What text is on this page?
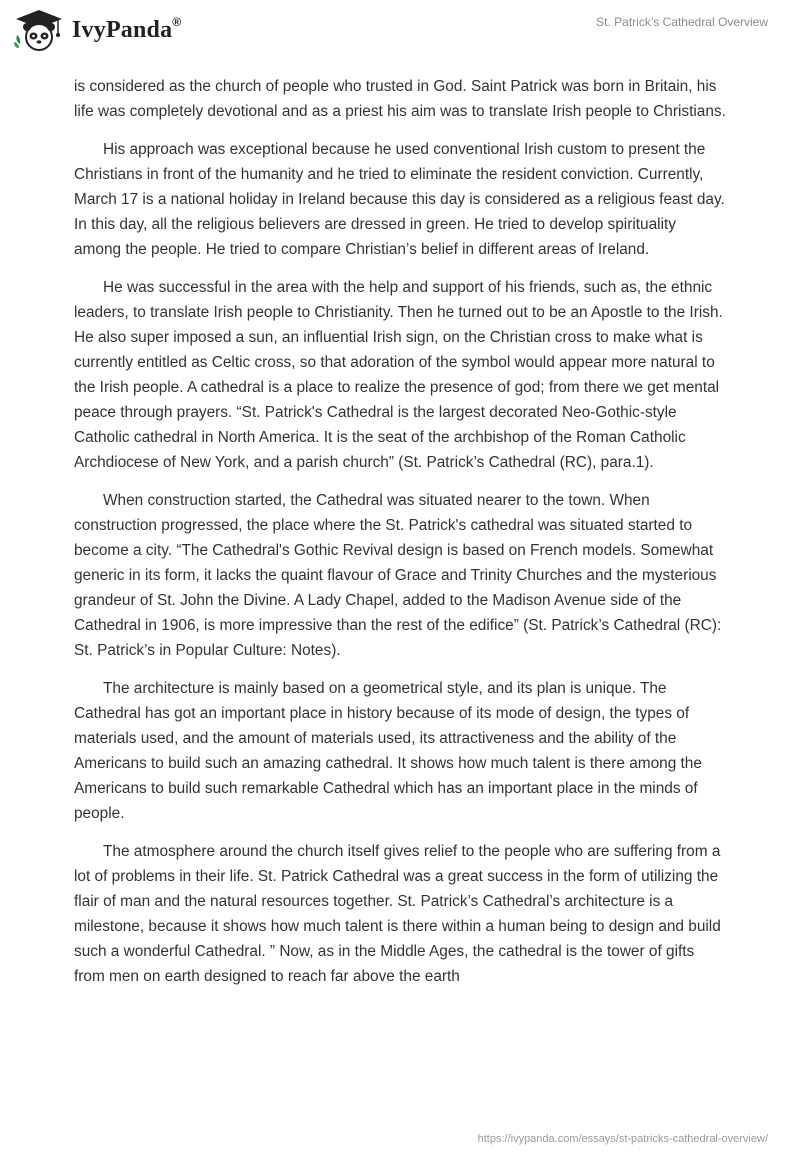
IvyPanda®	St. Patrick’s Cathedral Overview

is considered as the church of people who trusted in God. Saint Patrick was born in Britain, his life was completely devotional and as a priest his aim was to translate Irish people to Christians.

His approach was exceptional because he used conventional Irish custom to present the Christians in front of the humanity and he tried to eliminate the resident conviction. Currently, March 17 is a national holiday in Ireland because this day is considered as a religious feast day. In this day, all the religious believers are dressed in green. He tried to develop spirituality among the people. He tried to compare Christian’s belief in different areas of Ireland.

He was successful in the area with the help and support of his friends, such as, the ethnic leaders, to translate Irish people to Christianity. Then he turned out to be an Apostle to the Irish. He also super imposed a sun, an influential Irish sign, on the Christian cross to make what is currently entitled as Celtic cross, so that adoration of the symbol would appear more natural to the Irish people. A cathedral is a place to realize the presence of god; from there we get mental peace through prayers. “St. Patrick's Cathedral is the largest decorated Neo-Gothic-style Catholic cathedral in North America. It is the seat of the archbishop of the Roman Catholic Archdiocese of New York, and a parish church” (St. Patrick’s Cathedral (RC), para.1).

When construction started, the Cathedral was situated nearer to the town. When construction progressed, the place where the St. Patrick's cathedral was situated started to become a city. “The Cathedral's Gothic Revival design is based on French models. Somewhat generic in its form, it lacks the quaint flavour of Grace and Trinity Churches and the mysterious grandeur of St. John the Divine. A Lady Chapel, added to the Madison Avenue side of the Cathedral in 1906, is more impressive than the rest of the edifice” (St. Patrick’s Cathedral (RC): St. Patrick’s in Popular Culture: Notes).

The architecture is mainly based on a geometrical style, and its plan is unique. The Cathedral has got an important place in history because of its mode of design, the types of materials used, and the amount of materials used, its attractiveness and the ability of the Americans to build such an amazing cathedral. It shows how much talent is there among the Americans to build such remarkable Cathedral which has an important place in the minds of people.

The atmosphere around the church itself gives relief to the people who are suffering from a lot of problems in their life. St. Patrick Cathedral was a great success in the form of utilizing the flair of man and the natural resources together. St. Patrick’s Cathedral’s architecture is a milestone, because it shows how much talent is there within a human being to design and build such a wonderful Cathedral. ” Now, as in the Middle Ages, the cathedral is the tower of gifts from men on earth designed to reach far above the earth

https://ivypanda.com/essays/st-patricks-cathedral-overview/
